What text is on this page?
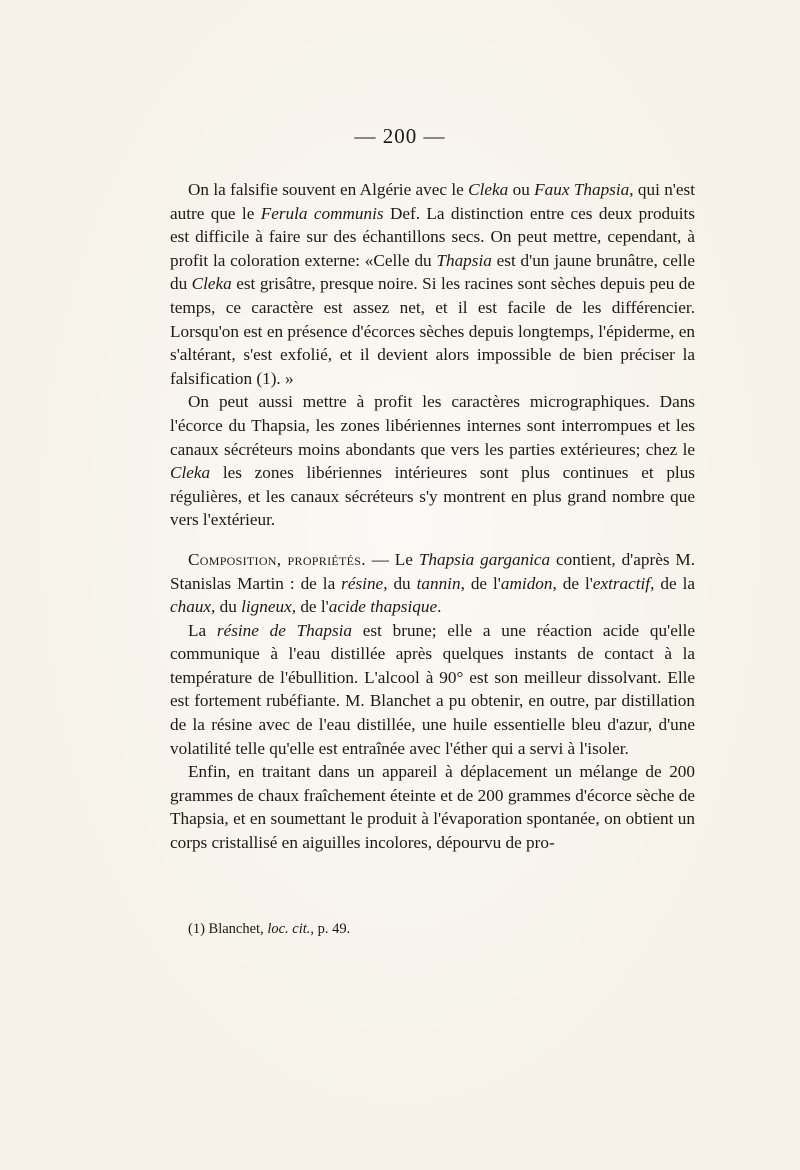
— 200 —

On la falsifie souvent en Algérie avec le Cleka ou Faux Thapsia, qui n'est autre que le Ferula communis Def. La distinction entre ces deux produits est difficile à faire sur des échantillons secs. On peut mettre, cependant, à profit la coloration externe: «Celle du Thapsia est d'un jaune brunâtre, celle du Cleka est grisâtre, presque noire. Si les racines sont sèches depuis peu de temps, ce caractère est assez net, et il est facile de les différencier. Lorsqu'on est en présence d'écorces sèches depuis longtemps, l'épiderme, en s'altérant, s'est exfolié, et il devient alors impossible de bien préciser la falsification (1). »

On peut aussi mettre à profit les caractères micrographiques. Dans l'écorce du Thapsia, les zones libériennes internes sont interrompues et les canaux sécréteurs moins abondants que vers les parties extérieures; chez le Cleka les zones libériennes intérieures sont plus continues et plus régulières, et les canaux sécréteurs s'y montrent en plus grand nombre que vers l'extérieur.

Composition, propriétés. — Le Thapsia garganica contient, d'après M. Stanislas Martin : de la résine, du tannin, de l'amidon, de l'extractif, de la chaux, du ligneux, de l'acide thapsique.

La résine de Thapsia est brune; elle a une réaction acide qu'elle communique à l'eau distillée après quelques instants de contact à la température de l'ébullition. L'alcool à 90° est son meilleur dissolvant. Elle est fortement rubéfiante. M. Blanchet a pu obtenir, en outre, par distillation de la résine avec de l'eau distillée, une huile essentielle bleu d'azur, d'une volatilité telle qu'elle est entraînée avec l'éther qui a servi à l'isoler.

Enfin, en traitant dans un appareil à déplacement un mélange de 200 grammes de chaux fraîchement éteinte et de 200 grammes d'écorce sèche de Thapsia, et en soumettant le produit à l'évaporation spontanée, on obtient un corps cristallisé en aiguilles incolores, dépourvu de pro-

(1) Blanchet, loc. cit., p. 49.
